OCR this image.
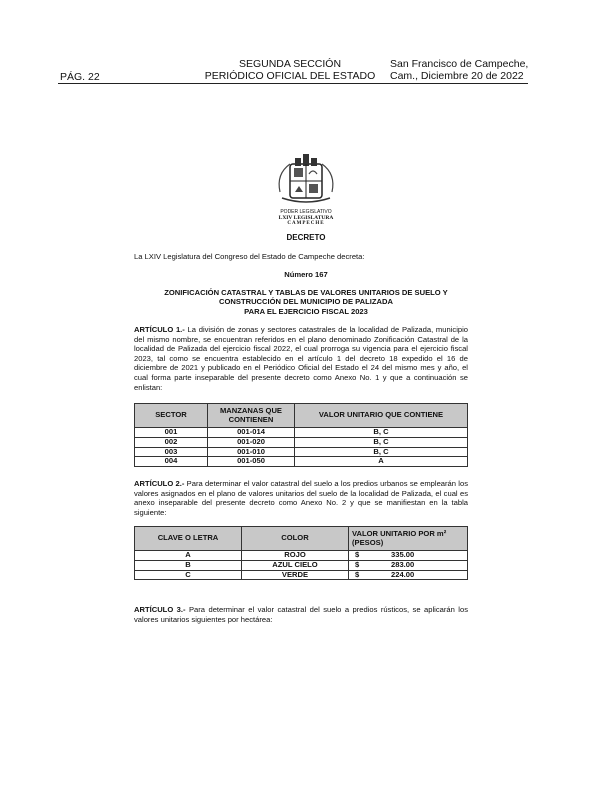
PÁG. 22
SEGUNDA SECCIÓN
PERIÓDICO OFICIAL DEL ESTADO
San Francisco de Campeche,
Cam., Diciembre 20 de 2022
PODER LEGISLATIVO
LXIV LEGISLATURA
CAMPECHE
DECRETO
La LXIV Legislatura del Congreso del Estado de Campeche decreta:
Número 167
ZONIFICACIÓN CATASTRAL Y TABLAS DE VALORES UNITARIOS DE SUELO Y
CONSTRUCCIÓN DEL MUNICIPIO DE PALIZADA
PARA EL EJERCICIO FISCAL 2023
ARTÍCULO 1.- La división de zonas y sectores catastrales de la localidad de Palizada, municipio del mismo nombre, se encuentran referidos en el plano denominado Zonificación Catastral de la localidad de Palizada del ejercicio fiscal 2022, el cual prorroga su vigencia para el ejercicio fiscal 2023, tal como se encuentra establecido en el artículo 1 del decreto 18 expedido el 16 de diciembre de 2021 y publicado en el Periódico Oficial del Estado el 24 del mismo mes y año, el cual forma parte inseparable del presente decreto como Anexo No. 1 y que a continuación se enlistan:
SECTOR	MANZANAS QUE CONTIENEN	VALOR UNITARIO QUE CONTIENE
001	001-014	B, C
002	001-020	B, C
003	001-010	B, C
004	001-050	A
ARTÍCULO 2.- Para determinar el valor catastral del suelo a los predios urbanos se emplearán los valores asignados en el plano de valores unitarios del suelo de la localidad de Palizada, el cual es anexo inseparable del presente decreto como Anexo No. 2 y que se manifiestan en la tabla siguiente:
CLAVE O LETRA	COLOR	VALOR UNITARIO POR m² (PESOS)	
A	ROJO	$	335.00
B	AZUL CIELO	$	283.00
C	VERDE	$	224.00
ARTÍCULO 3.- Para determinar el valor catastral del suelo a predios rústicos, se aplicarán los valores unitarios siguientes por hectárea:
